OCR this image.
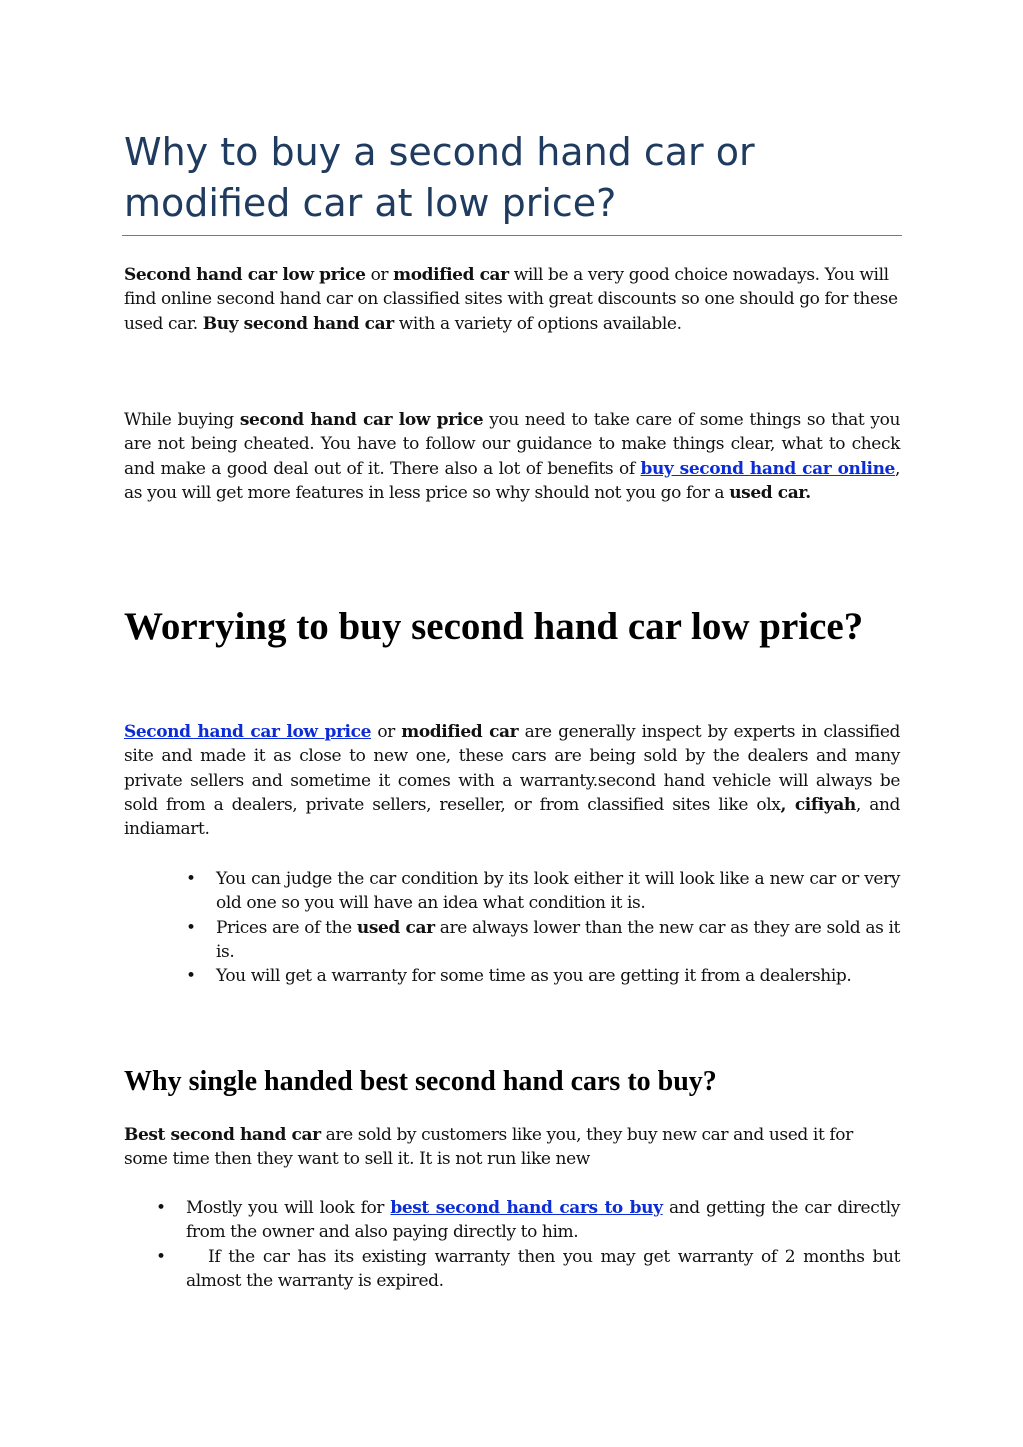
Why to buy a second hand car or modified car at low price?

Second hand car low price or modified car will be a very good choice nowadays. You will find online second hand car on classified sites with great discounts so one should go for these used car. Buy second hand car with a variety of options available.

While buying second hand car low price you need to take care of some things so that you are not being cheated. You have to follow our guidance to make things clear, what to check and make a good deal out of it. There also a lot of benefits of buy second hand car online, as you will get more features in less price so why should not you go for a used car.

Worrying to buy second hand car low price?

Second hand car low price or modified car are generally inspect by experts in classified site and made it as close to new one, these cars are being sold by the dealers and many private sellers and sometime it comes with a warranty.second hand vehicle will always be sold from a dealers, private sellers, reseller, or from classified sites like olx, cifiyah, and indiamart.

• You can judge the car condition by its look either it will look like a new car or very old one so you will have an idea what condition it is.
• Prices are of the used car are always lower than the new car as they are sold as it is.
• You will get a warranty for some time as you are getting it from a dealership.
Why single handed best second hand cars to buy?

Best second hand car are sold by customers like you, they buy new car and used it for some time then they want to sell it. It is not run like new

• Mostly you will look for best second hand cars to buy and getting the car directly from the owner and also paying directly to him.
• If the car has its existing warranty then you may get warranty of 2 months but almost the warranty is expired.
